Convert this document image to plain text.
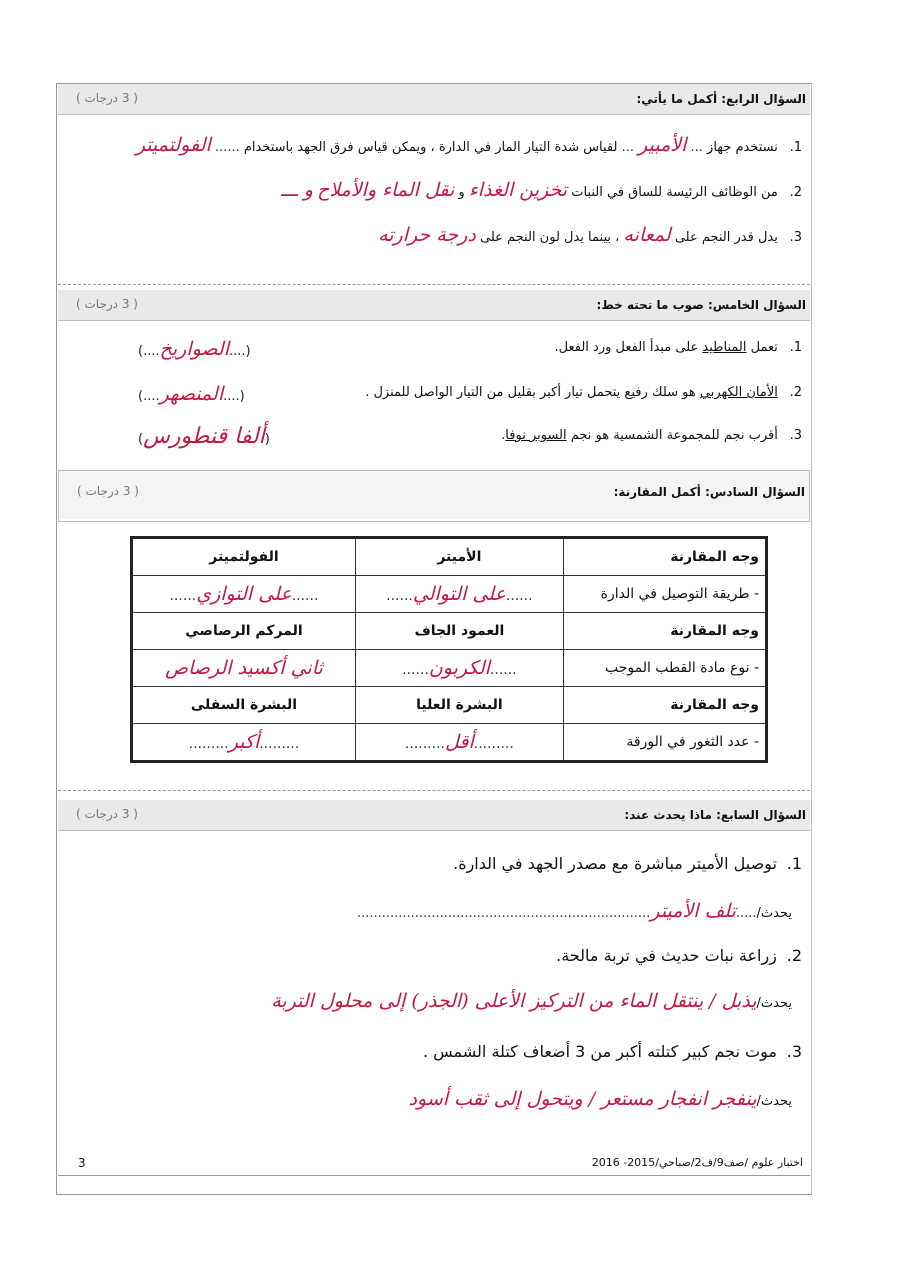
السؤال الرابع: أكمل ما يأتي:
( 3 درجات )
1. نستخدم جهاز ... الأمبير ... لقياس شدة التيار المار في الدارة ، ويمكن قياس فرق الجهد باستخدام ...... الفولتميتر
2. من الوظائف الرئيسة للساق في النبات تخزين الغذاء و نقل الماء والأملاح و ـــ
3. يدل قدر النجم على لمعانه ، بينما يدل لون النجم على درجة حرارته
السؤال الخامس: صوب ما تحته خط:
( 3 درجات )
1. تعمل المناطيد على مبدأ الفعل ورد الفعل.
(....الصواريخ....)
2. الأمان الكهربي هو سلك رفيع يتحمل تيار أكبر بقليل من التيار الواصل للمنزل .
(....المنصهر....)
3. أقرب نجم للمجموعة الشمسية هو نجم السوبر نوفا.
(ألفا قنطورس)
السؤال السادس: أكمل المقارنة:
( 3 درجات )
وجه المقارنة	الأميتر	الفولتميتر
- طريقة التوصيل في الدارة	......على التوالي......	......على التوازي......
وجه المقارنة	العمود الجاف	المركم الرصاصي
- نوع مادة القطب الموجب	......الكربون......	ثاني أكسيد الرصاص
وجه المقارنة	البشرة العليا	البشرة السفلى
- عدد الثغور في الورقة	.........أقل.........	.........أكبر.........
السؤال السابع: ماذا يحدث عند:
( 3 درجات )
1. توصيل الأميتر مباشرة مع مصدر الجهد في الدارة.
يحدث/.....تلف الأميتر.......................................................................
2. زراعة نبات حديث في تربة مالحة.
يحدث/يذبل / ينتقل الماء من التركيز الأعلى (الجذر) إلى محلول التربة
3. موت نجم كبير كتلته أكبر من 3 أضعاف كتلة الشمس .
يحدث/ينفجر انفجار مستعر / ويتحول إلى ثقب أسود
اختبار علوم /صف9/ف2/صباحي/2015- 2016
3
